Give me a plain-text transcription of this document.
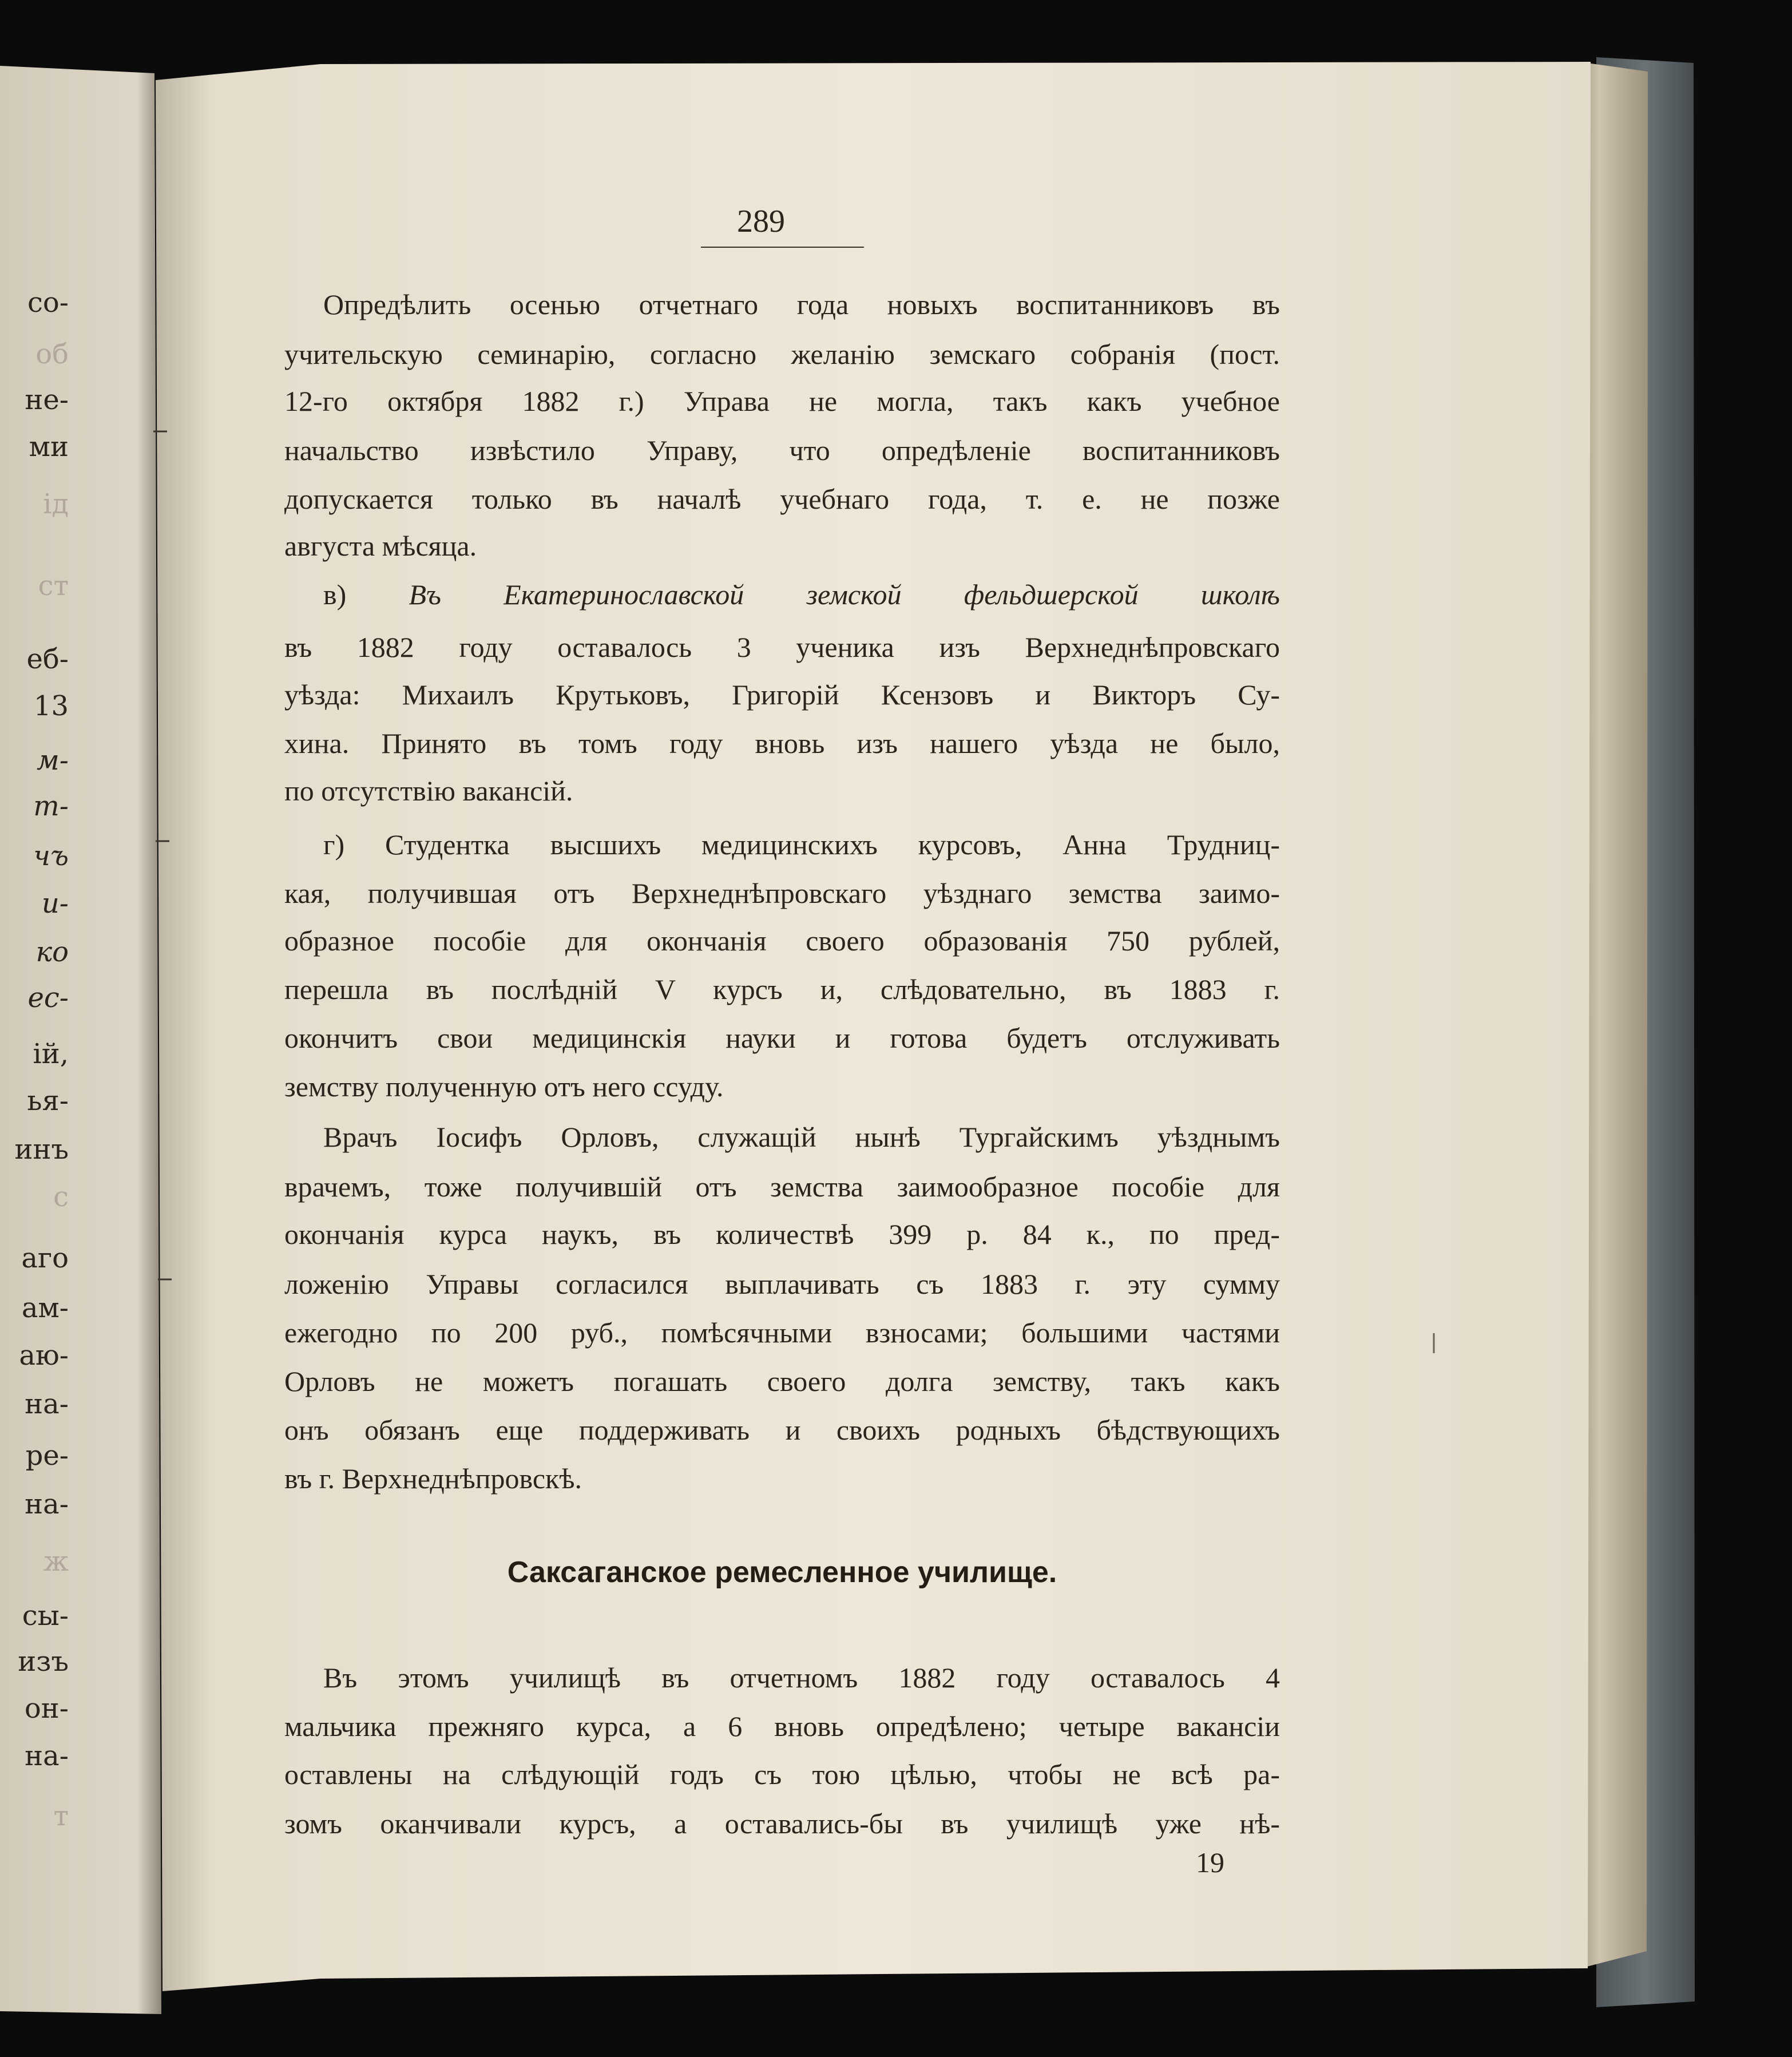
со-
об
не-
ми
ід
ст
еб-
13
м-
т-
чъ
и-
ко
ес-
ій,
ья-
инъ
с
аго
ам-
аю-
на-
ре-
на-
ж
сы-
изъ
он-
на-
т
289
Опредѣлить осенью отчетнаго года новыхъ воспитанниковъ въ
учительскую семинарію, согласно желанію земскаго собранія (пост.
12-го октября 1882 г.) Управа не могла, такъ какъ учебное
начальство извѣстило Управу, что опредѣленіе воспитанниковъ
допускается только въ началѣ учебнаго года, т. е. не позже
августа мѣсяца.
в) Въ Екатеринославской земской фельдшерской школѣ
въ 1882 году оставалось 3 ученика изъ Верхнеднѣпровскаго
уѣзда: Михаилъ Крутьковъ, Григорій Ксензовъ и Викторъ Су-
хина. Принято въ томъ году вновь изъ нашего уѣзда не было,
по отсутствію вакансій.
г) Студентка высшихъ медицинскихъ курсовъ, Анна Трудниц-
кая, получившая отъ Верхнеднѣпровскаго уѣзднаго земства заимо-
образное пособіе для окончанія своего образованія 750 рублей,
перешла въ послѣдній V курсъ и, слѣдовательно, въ 1883 г.
окончитъ свои медицинскія науки и готова будетъ отслуживать
земству полученную отъ него ссуду.
Врачъ Іосифъ Орловъ, служащій нынѣ Тургайскимъ уѣзднымъ
врачемъ, тоже получившій отъ земства заимообразное пособіе для
окончанія курса наукъ, въ количествѣ 399 р. 84 к., по пред-
ложенію Управы согласился выплачивать съ 1883 г. эту сумму
ежегодно по 200 руб., помѣсячными взносами; большими частями
Орловъ не можетъ погашать своего долга земству, такъ какъ
онъ обязанъ еще поддерживать и своихъ родныхъ бѣдствующихъ
въ г. Верхнеднѣпровскѣ.
Саксаганское ремесленное училище.
Въ этомъ училищѣ въ отчетномъ 1882 году оставалось 4
мальчика прежняго курса, а 6 вновь опредѣлено; четыре вакансіи
оставлены на слѣдующій годъ съ тою цѣлью, чтобы не всѣ ра-
зомъ оканчивали курсъ, а оставались-бы въ училищѣ уже нѣ-
19
